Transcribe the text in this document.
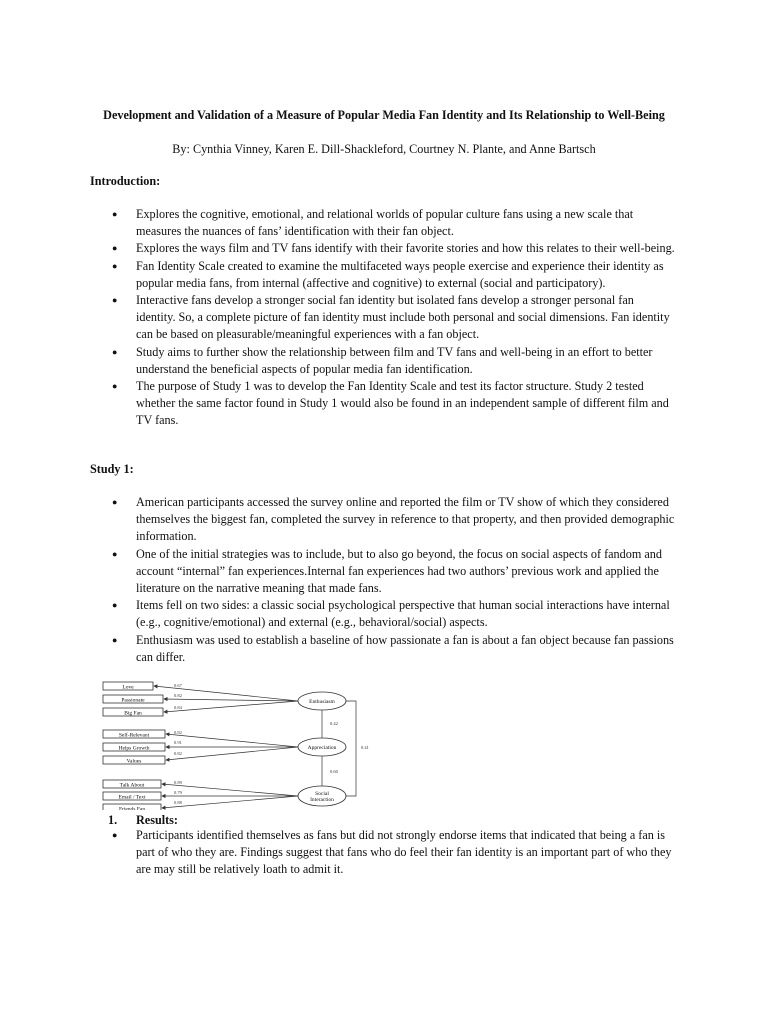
Development and Validation of a Measure of Popular Media Fan Identity and Its Relationship to Well-Being
By: Cynthia Vinney, Karen E. Dill-Shackleford, Courtney N. Plante, and Anne Bartsch
Introduction:
● Explores the cognitive, emotional, and relational worlds of popular culture fans using a new scale that measures the nuances of fans’ identification with their fan object.
● Explores the ways film and TV fans identify with their favorite stories and how this relates to their well-being.
● Fan Identity Scale created to examine the multifaceted ways people exercise and experience their identity as popular media fans, from internal (affective and cognitive) to external (social and participatory).
● Interactive fans develop a stronger social fan identity but isolated fans develop a stronger personal fan identity. So, a complete picture of fan identity must include both personal and social dimensions. Fan identity can be based on pleasurable/meaningful experiences with a fan object.
● Study aims to further show the relationship between film and TV fans and well-being in an effort to better understand the beneficial aspects of popular media fan identification.
● The purpose of Study 1 was to develop the Fan Identity Scale and test its factor structure. Study 2 tested whether the same factor found in Study 1 would also be found in an independent sample of different film and TV fans.
Study 1:
● American participants accessed the survey online and reported the film or TV show of which they considered themselves the biggest fan, completed the survey in reference to that property, and then provided demographic information.
● One of the initial strategies was to include, but to also go beyond, the focus on social aspects of fandom and account “internal” fan experiences.Internal fan experiences had two authors’ previous work and applied the literature on the narrative meaning that made fans.
● Items fell on two sides: a classic social psychological perspective that human social interactions have internal (e.g., cognitive/emotional) and external (e.g., behavioral/social) aspects.
● Enthusiasm was used to establish a baseline of how passionate a fan is about a fan object because fan passions can differ.
Love
Passionate
Big Fan
Self-Relevant
Helps Growth
Values
Talk About
Email / Text
Friends Fan
Enthusiasm
Appreciation
Social
Interaction
0.67
0.82
0.84
0.82
0.91
0.82
0.89
0.79
0.88
0.42
0.60
0.41
1. Results:
● Participants identified themselves as fans but did not strongly endorse items that indicated that being a fan is part of who they are. Findings suggest that fans who do feel their fan identity is an important part of who they are may still be relatively loath to admit it.
